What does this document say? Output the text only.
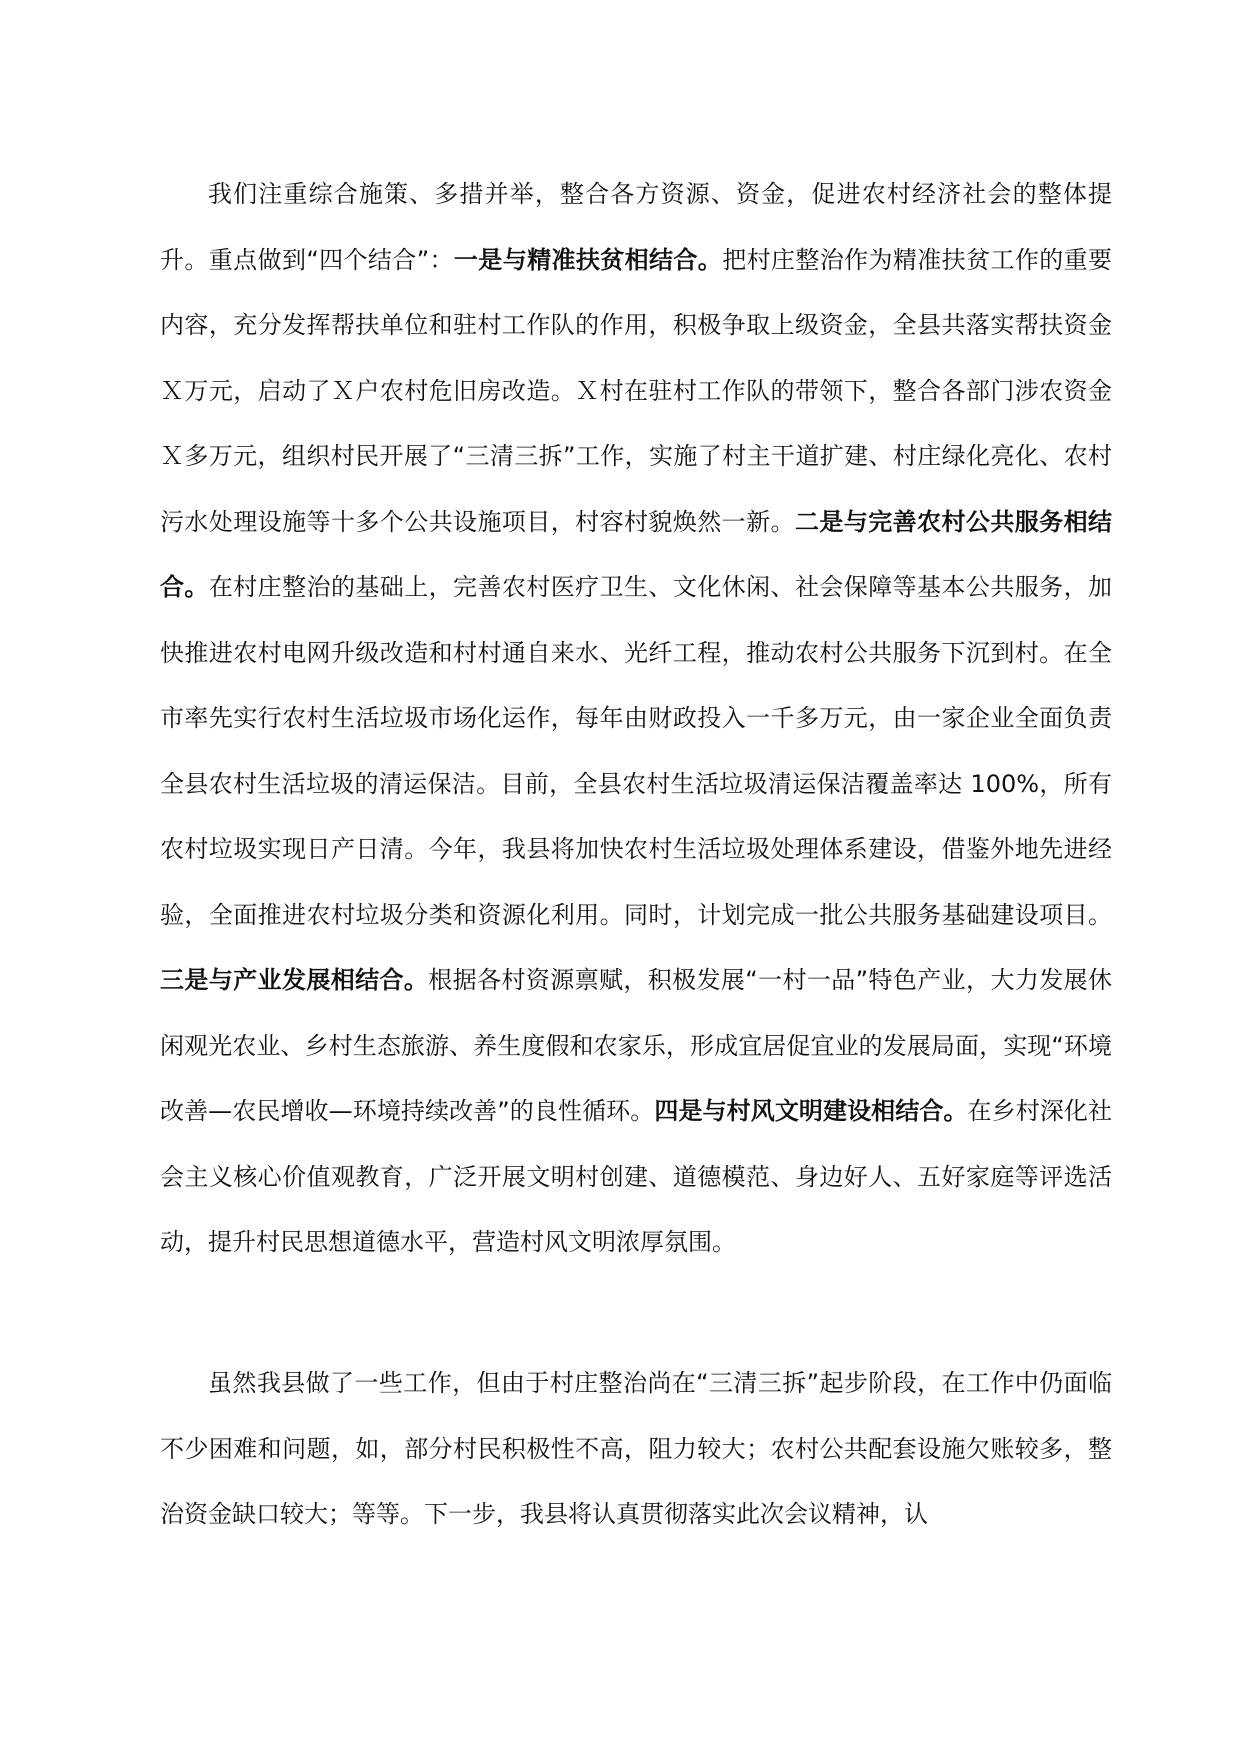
我们注重综合施策、多措并举，整合各方资源、资金，促进农村经济社会的整体提升。重点做到“四个结合”：一是与精准扶贫相结合。把村庄整治作为精准扶贫工作的重要内容，充分发挥帮扶单位和驻村工作队的作用，积极争取上级资金，全县共落实帮扶资金Ｘ万元，启动了Ｘ户农村危旧房改造。Ｘ村在驻村工作队的带领下，整合各部门涉农资金Ｘ多万元，组织村民开展了“三清三拆”工作，实施了村主干道扩建、村庄绿化亮化、农村污水处理设施等十多个公共设施项目，村容村貌焕然一新。二是与完善农村公共服务相结合。在村庄整治的基础上，完善农村医疗卫生、文化休闲、社会保障等基本公共服务，加快推进农村电网升级改造和村村通自来水、光纤工程，推动农村公共服务下沉到村。在全市率先实行农村生活垃圾市场化运作，每年由财政投入一千多万元，由一家企业全面负责全县农村生活垃圾的清运保洁。目前，全县农村生活垃圾清运保洁覆盖率达 100%，所有农村垃圾实现日产日清。今年，我县将加快农村生活垃圾处理体系建设，借鉴外地先进经验，全面推进农村垃圾分类和资源化利用。同时，计划完成一批公共服务基础建设项目。三是与产业发展相结合。根据各村资源禀赋，积极发展“一村一品”特色产业，大力发展休闲观光农业、乡村生态旅游、养生度假和农家乐，形成宜居促宜业的发展局面，实现“环境改善—农民增收—环境持续改善”的良性循环。四是与村风文明建设相结合。在乡村深化社会主义核心价值观教育，广泛开展文明村创建、道德模范、身边好人、五好家庭等评选活动，提升村民思想道德水平，营造村风文明浓厚氛围。

虽然我县做了一些工作，但由于村庄整治尚在“三清三拆”起步阶段，在工作中仍面临不少困难和问题，如，部分村民积极性不高，阻力较大；农村公共配套设施欠账较多，整治资金缺口较大；等等。下一步，我县将认真贯彻落实此次会议精神，认
